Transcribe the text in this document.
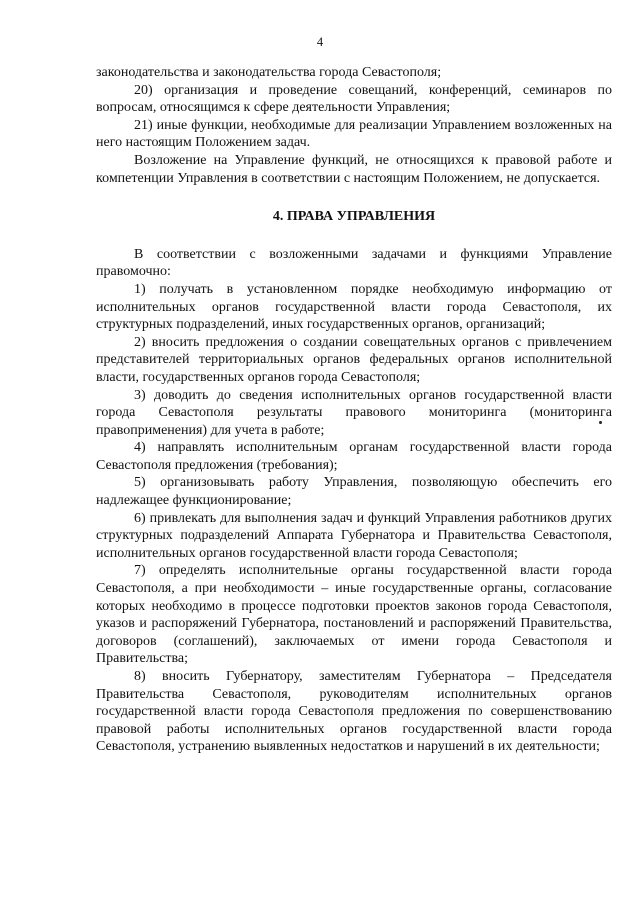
4

законодательства и законодательства города Севастополя;

20) организация и проведение совещаний, конференций, семинаров по вопросам, относящимся к сфере деятельности Управления;

21) иные функции, необходимые для реализации Управлением возложенных на него настоящим Положением задач.

Возложение на Управление функций, не относящихся к правовой работе и компетенции Управления в соответствии с настоящим Положением, не допускается.

4. ПРАВА УПРАВЛЕНИЯ

В соответствии с возложенными задачами и функциями Управление правомочно:

1) получать в установленном порядке необходимую информацию от исполнительных органов государственной власти города Севастополя, их структурных подразделений, иных государственных органов, организаций;

2) вносить предложения о создании совещательных органов с привлечением представителей территориальных органов федеральных органов исполнительной власти, государственных органов города Севастополя;

3) доводить до сведения исполнительных органов государственной власти города Севастополя результаты правового мониторинга (мониторинга правоприменения) для учета в работе;

4) направлять исполнительным органам государственной власти города Севастополя предложения (требования);

5) организовывать работу Управления, позволяющую обеспечить его надлежащее функционирование;

6) привлекать для выполнения задач и функций Управления работников других структурных подразделений Аппарата Губернатора и Правительства Севастополя, исполнительных органов государственной власти города Севастополя;

7) определять исполнительные органы государственной власти города Севастополя, а при необходимости – иные государственные органы, согласование которых необходимо в процессе подготовки проектов законов города Севастополя, указов и распоряжений Губернатора, постановлений и распоряжений Правительства, договоров (соглашений), заключаемых от имени города Севастополя и Правительства;

8) вносить Губернатору, заместителям Губернатора – Председателя Правительства Севастополя, руководителям исполнительных органов государственной власти города Севастополя предложения по совершенствованию правовой работы исполнительных органов государственной власти города Севастополя, устранению выявленных недостатков и нарушений в их деятельности;
